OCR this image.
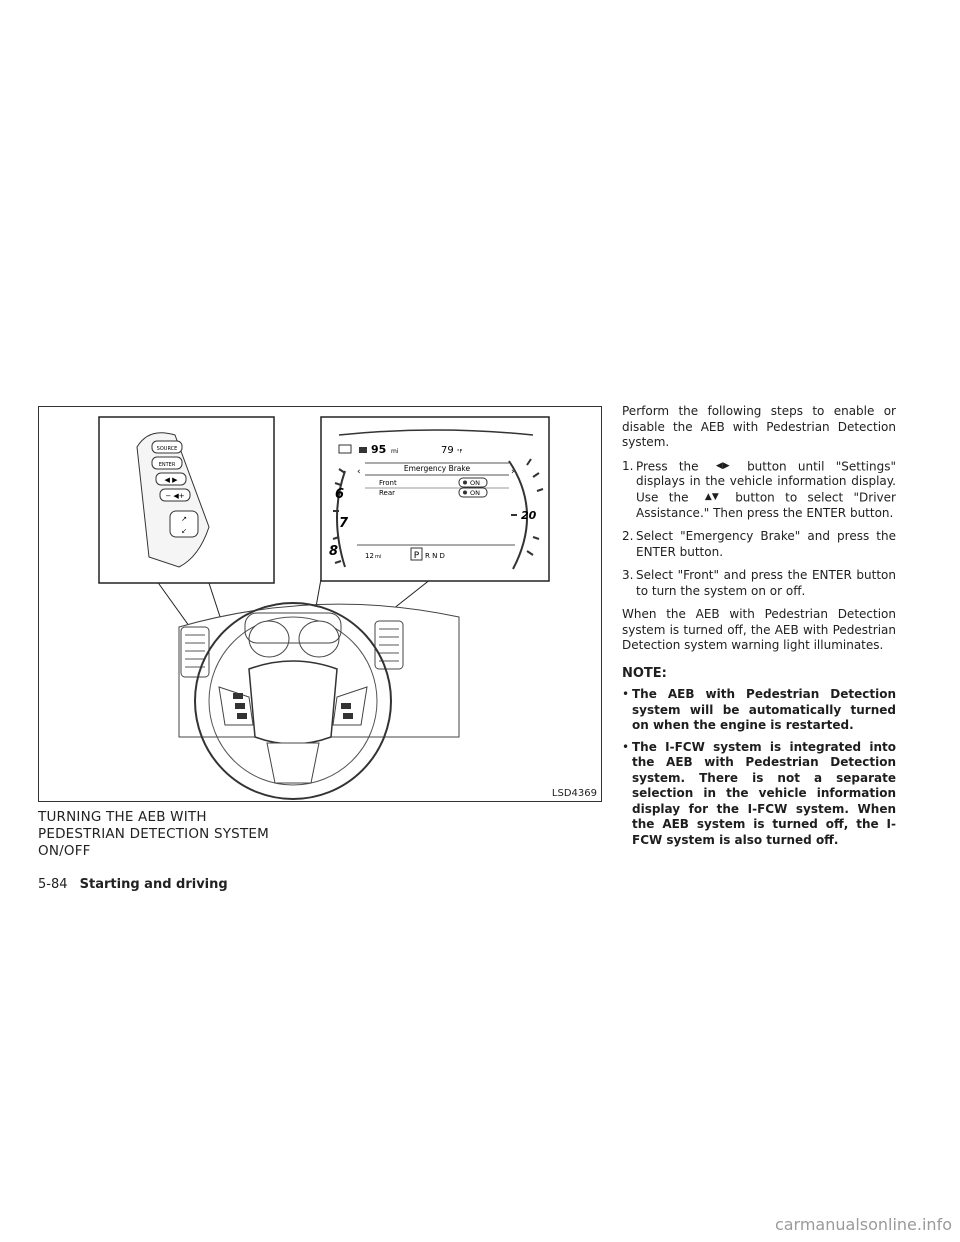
SOURCE
ENTER
◀ ▶
− ◀+
↗
↙
95 mi	79 °F
Emergency Brake
‹	›
Front	ON
Rear	ON
6
7
8
20
12 mi	P R N D
LSD4369
TURNING THE AEB WITH
PEDESTRIAN DETECTION SYSTEM
ON/OFF

Perform the following steps to enable or disable the AEB with Pedestrian Detection system.

1. Press the ◀▶ button until "Settings" displays in the vehicle information display. Use the ▲▼ button to select "Driver Assistance." Then press the ENTER button.
2. Select "Emergency Brake" and press the ENTER button.
3. Select "Front" and press the ENTER button to turn the system on or off.

When the AEB with Pedestrian Detection system is turned off, the AEB with Pedestrian Detection system warning light illuminates.

NOTE:
• The AEB with Pedestrian Detection system will be automatically turned on when the engine is restarted.
• The I-FCW system is integrated into the AEB with Pedestrian Detection system. There is not a separate selection in the vehicle information display for the I-FCW system. When the AEB system is turned off, the I-FCW system is also turned off.
5-84 Starting and driving
carmanualsonline.info
